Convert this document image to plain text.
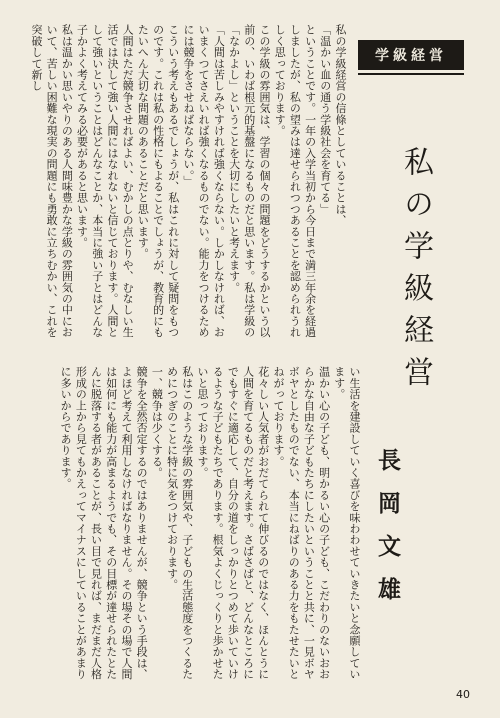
学級経営
私の学級経営
私の学級経営の信條としていることは、
「温かい血の通う学級社会を育てる」
ということです。一年の入学当初から今日まで満三年余を経過しましたが、私の望みは達せられつつあることを認められうれしく思っております。
この学級の雰囲気は、学習の個々の問題をどうするかという以前の、いわば根元的基盤になるものだと思います。私は学級の「なかよし」ということを大切にしたいと考えます。
「人間は苦しみやすければ強くならない。しかしなければ、おいまくつてさえいれば強くなるものでない。能力をつけるためには競争をさせねばならない。」
こういう考えもあるでしょうが、私はこれに対して疑問をもつのです。これは私の性格にもよることでしょうが、教育的にもたいへん大切な問題のあることだと思います。
人間はただ競争させればよい、むかしの点とりや、むなしい生活では決して強い人間にはなれないと信じております。人間として強いということはどんなことか、本当に強い子とはどんな子かよく考えてみる必要があると思います。
私は温かい思いやりのある人間味豊かな学級の雰囲気の中において、苦しい困難な現実の問題にも勇敢に立ちむかい、これを突破して新し
長岡文雄
い生活を建設していく喜びを味わわせていきたいと念願しています。
温かい心の子ども、明かるい心の子ども、こだわりのないおおらかな自由な子どもたちにしたいということと共に、一見ボヤボヤとしたものでない、本当にねばりのある力をもたせたいとねがっております。
花々しい人気者がおだてられて伸びるのではなく、ほんとうに人間を育てるものだと考えます。さばさばと、どんなところにでもすぐに適応して、自分の道をしっかりとつめて歩いていけるような子どもたちであります。根気よくじっくりと歩かせたいと思っております。
私はこのような学級の雰囲気や、子どもの生活態度をつくるためにつぎのことに特に気をつけております。
一、競争は少くする。
競争を全然否定するのではありませんが、競争という手段は、よほど考えて利用しなければなりません。その場その場で人間は如何にも能力が高まるようでも、その目標が達せられたとたんに脱落する者があることが、長い目で見れば、まだまだ人格形成の上から見てもかえってマイナスにしていることがあまりに多いからであります。
40
